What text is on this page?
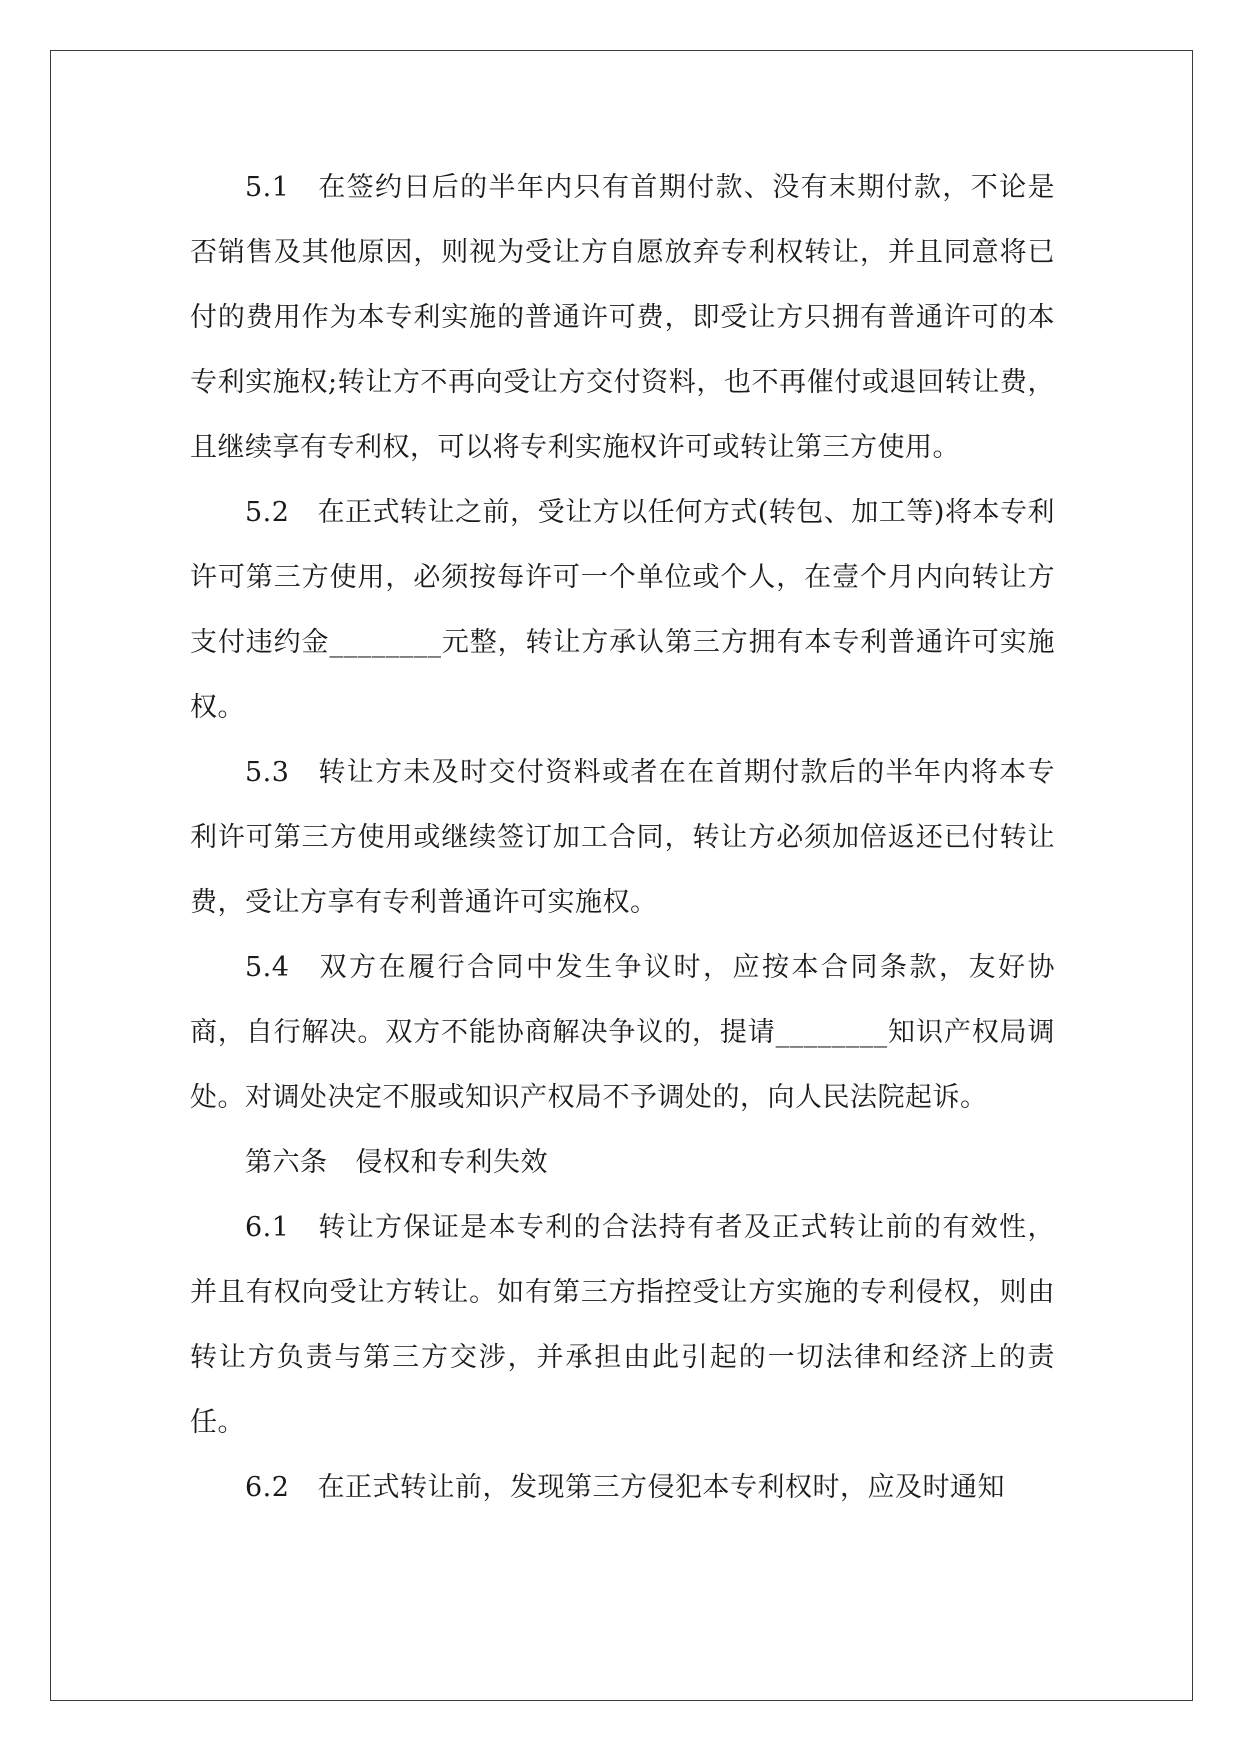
5.1 在签约日后的半年内只有首期付款、没有末期付款，不论是否销售及其他原因，则视为受让方自愿放弃专利权转让，并且同意将已付的费用作为本专利实施的普通许可费，即受让方只拥有普通许可的本专利实施权;转让方不再向受让方交付资料，也不再催付或退回转让费，且继续享有专利权，可以将专利实施权许可或转让第三方使用。

5.2 在正式转让之前，受让方以任何方式(转包、加工等)将本专利许可第三方使用，必须按每许可一个单位或个人，在壹个月内向转让方支付违约金________元整，转让方承认第三方拥有本专利普通许可实施权。

5.3 转让方未及时交付资料或者在在首期付款后的半年内将本专利许可第三方使用或继续签订加工合同，转让方必须加倍返还已付转让费，受让方享有专利普通许可实施权。

5.4 双方在履行合同中发生争议时，应按本合同条款，友好协商，自行解决。双方不能协商解决争议的，提请________知识产权局调处。对调处决定不服或知识产权局不予调处的，向人民法院起诉。

第六条 侵权和专利失效

6.1 转让方保证是本专利的合法持有者及正式转让前的有效性，并且有权向受让方转让。如有第三方指控受让方实施的专利侵权，则由转让方负责与第三方交涉，并承担由此引起的一切法律和经济上的责任。

6.2 在正式转让前，发现第三方侵犯本专利权时，应及时通知
